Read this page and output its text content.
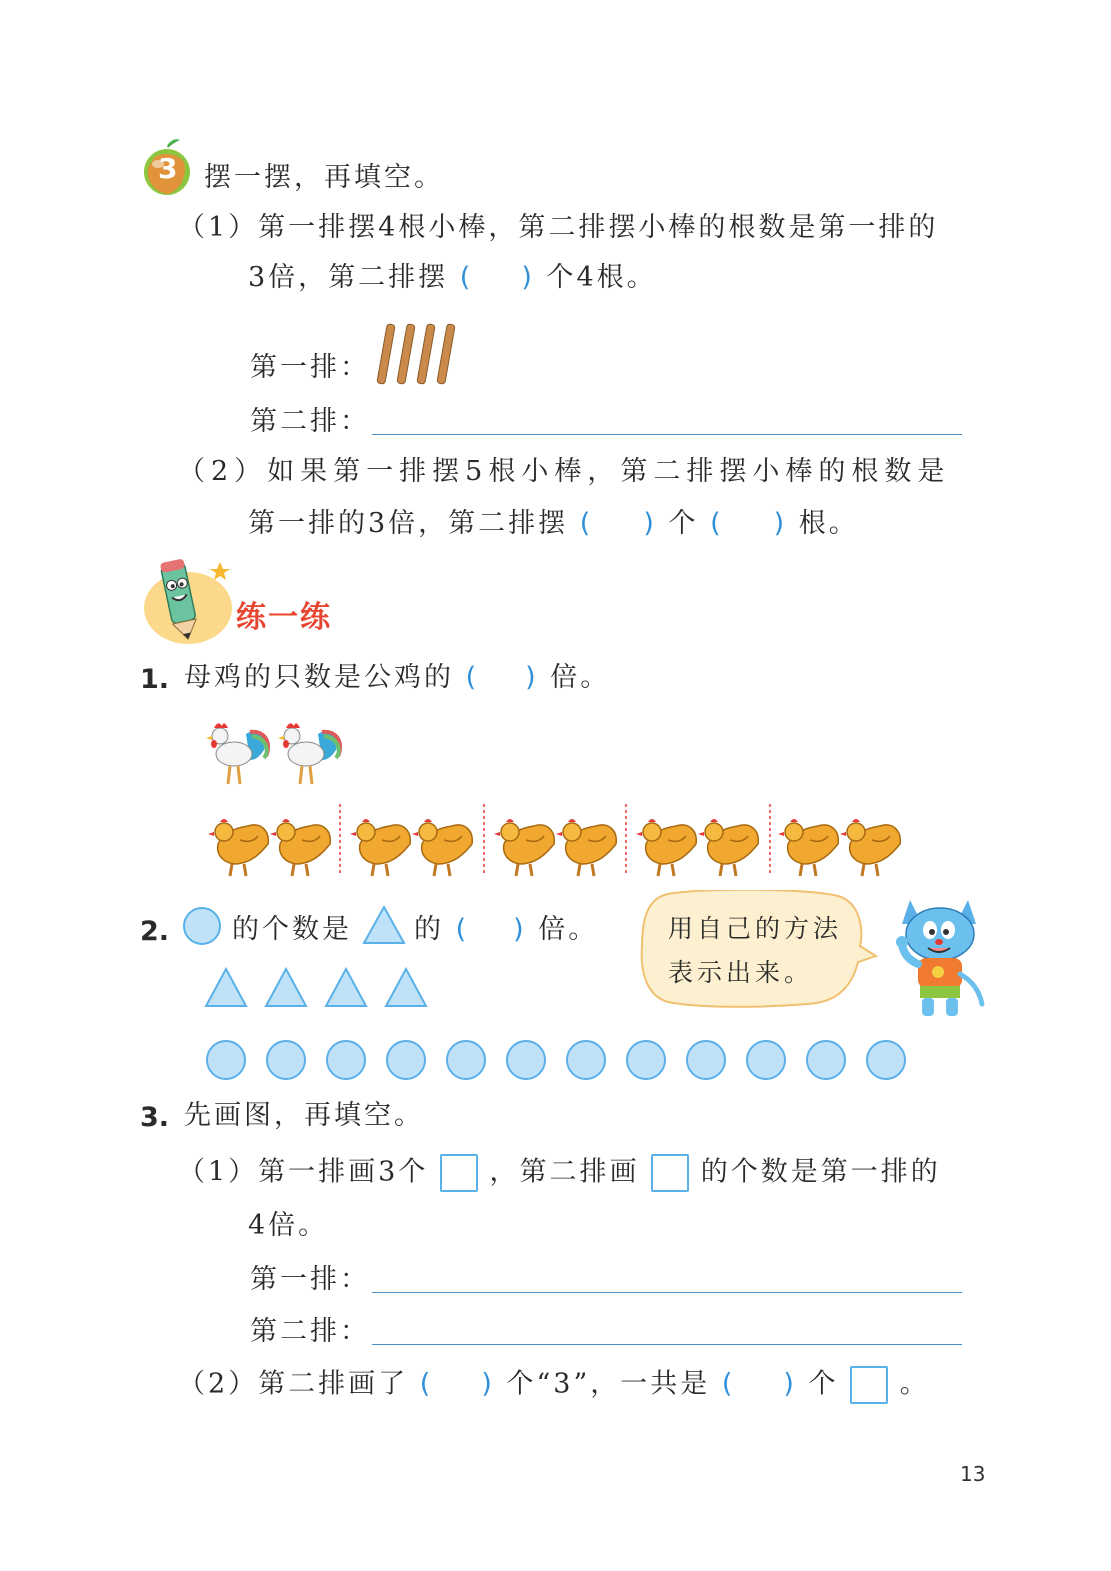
3 摆一摆，再填空。
（1）第一排摆4根小棒，第二排摆小棒的根数是第一排的
3倍，第二排摆 ( ) 个4根。
第一排：
第二排：
（2）如果第一排摆5根小棒，第二排摆小棒的根数是
第一排的3倍，第二排摆 ( ) 个 ( ) 根。
练一练
1. 母鸡的只数是公鸡的 ( ) 倍。
2. 的个数是 的 ( ) 倍。	用自己的方法
表示出来。
3. 先画图，再填空。
（1）第一排画3个 ，第二排画 的个数是第一排的
4倍。
第一排：
第二排：
（2）第二排画了 ( ) 个“3”，一共是 ( ) 个 。
13
